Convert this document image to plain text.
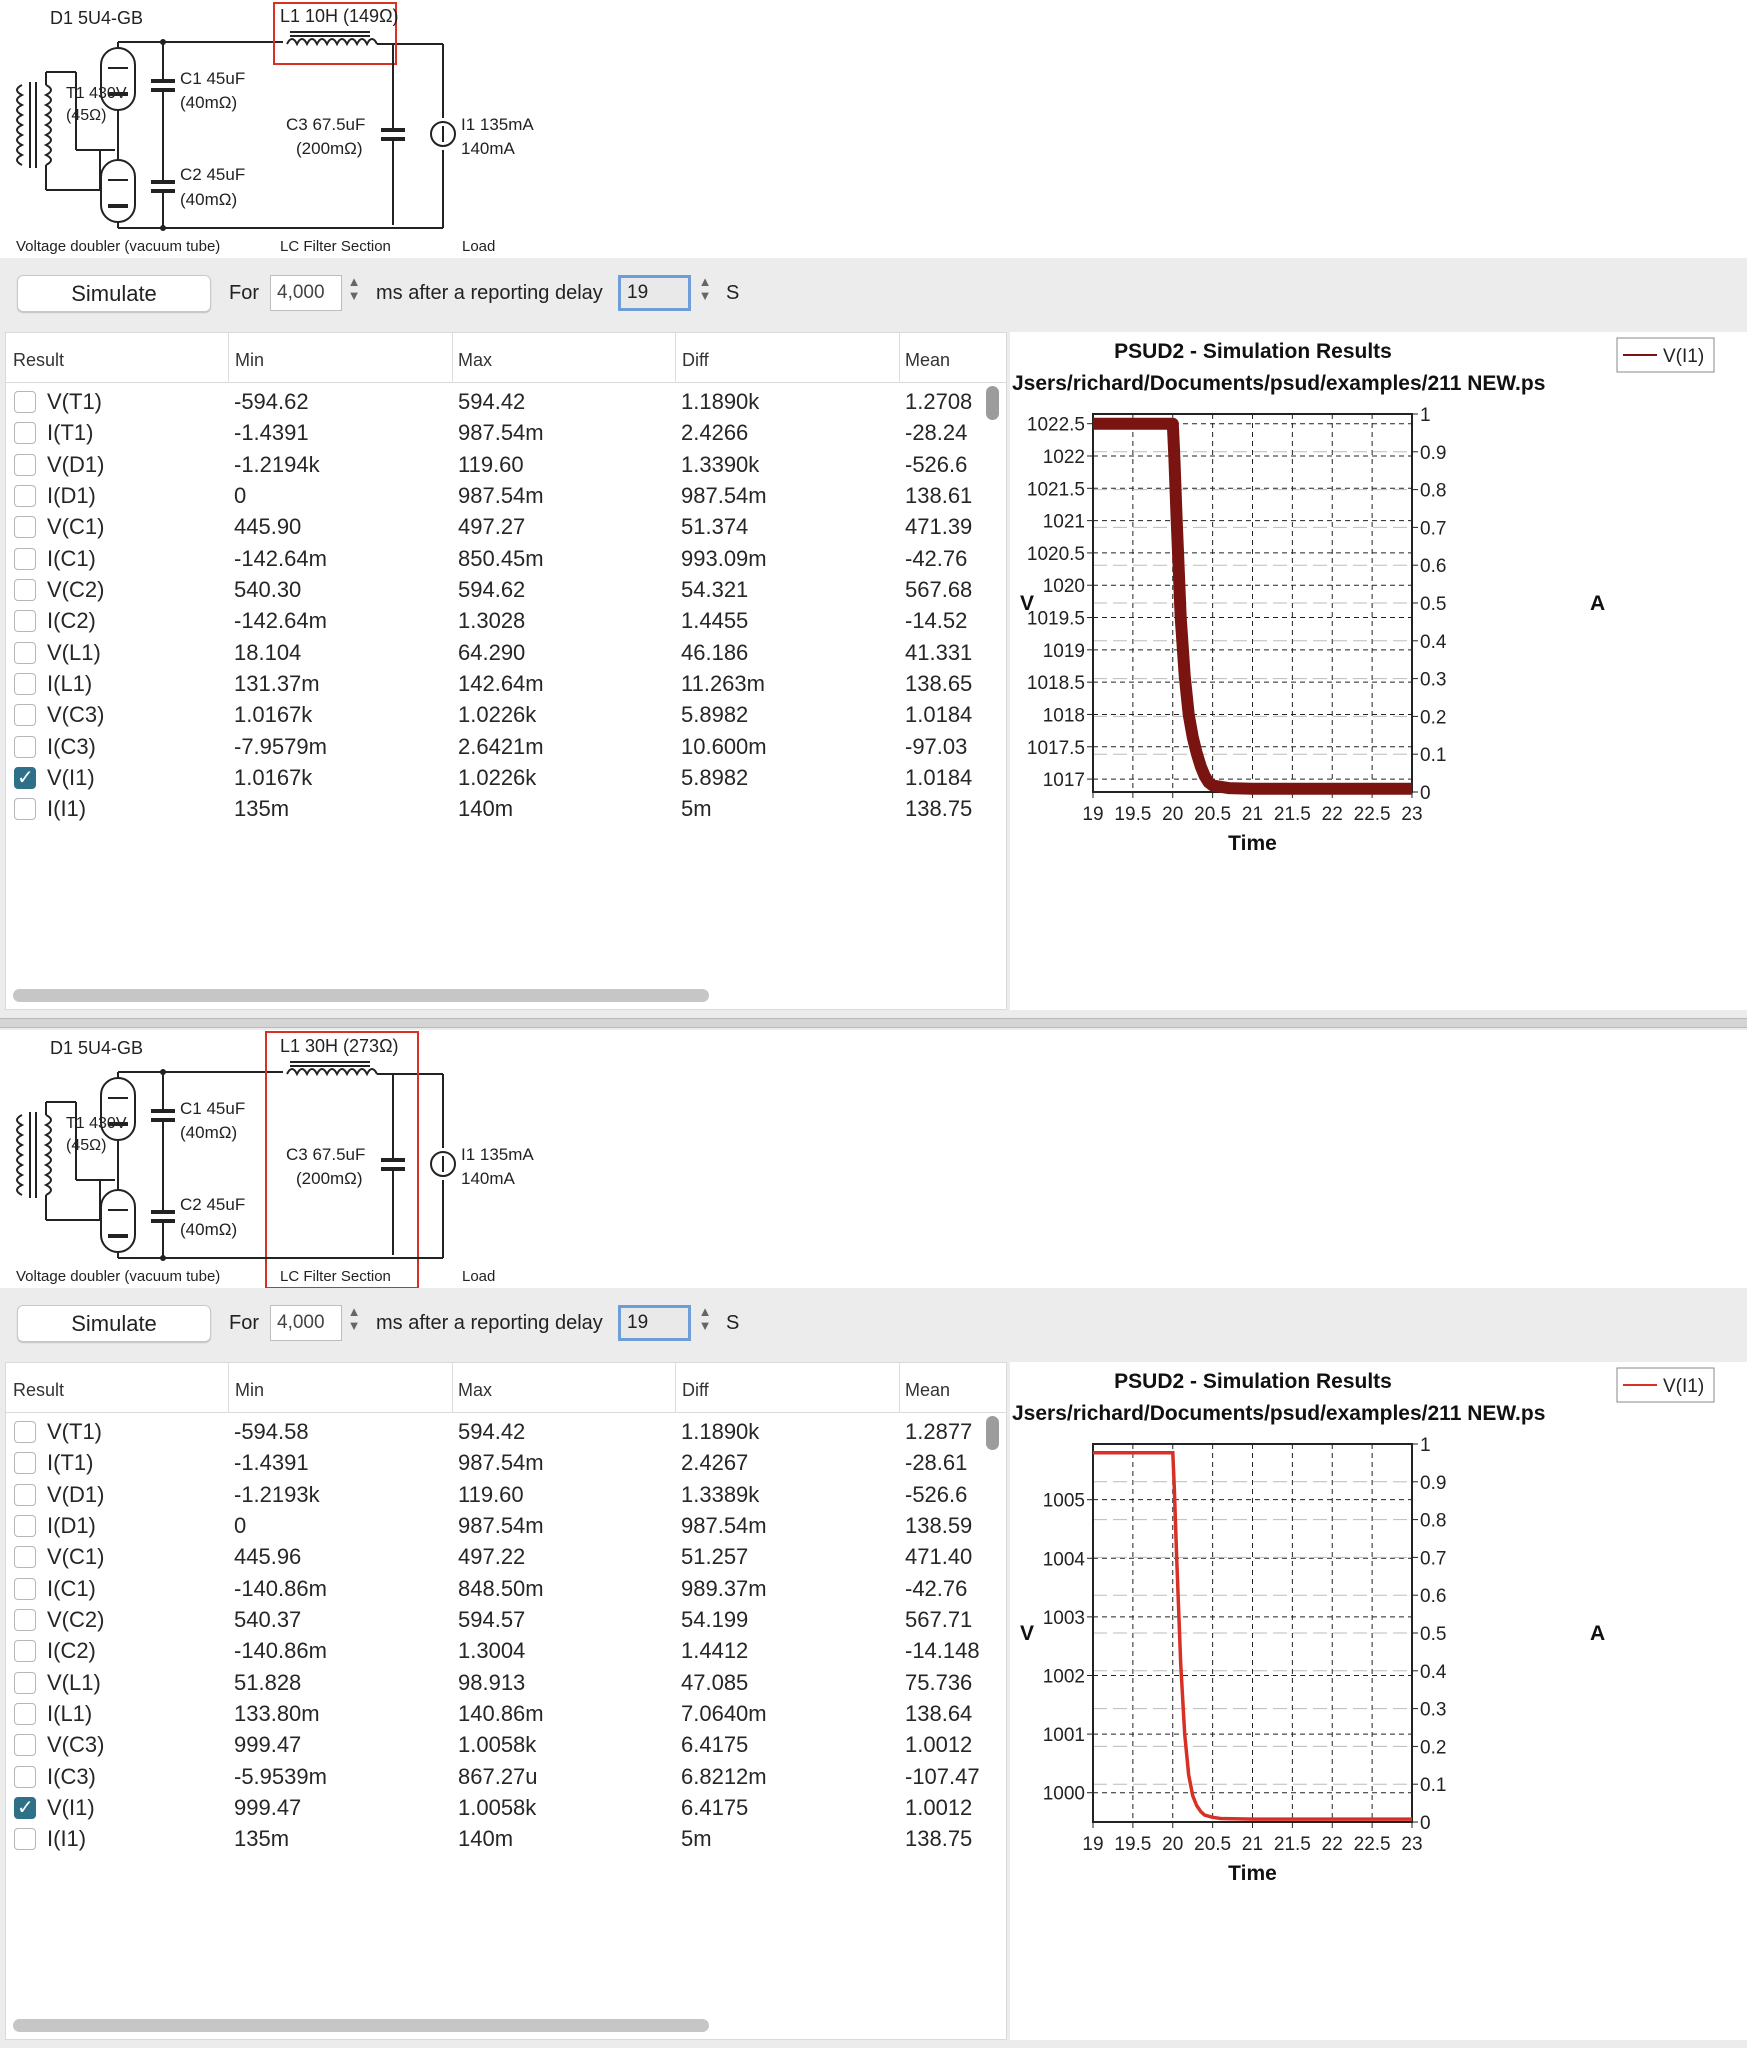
T1 430V
(45Ω)
D1 5U4-GB
C1 45uF
(40mΩ)
C2 45uF
(40mΩ)
L1 10H (149Ω)
C3 67.5uF
(200mΩ)
I1 135mA
140mA
Voltage doubler (vacuum tube)	LC Filter Section	Load
Simulate	For 4,000
▲
▼ ms after a reporting delay	19
▲
▼ S
Result	Min	Max	Diff	Mean
V(T1)	-594.62	594.42	1.1890k	1.2708
I(T1)	-1.4391	987.54m	2.4266	-28.24
V(D1)	-1.2194k	119.60	1.3390k	-526.6
I(D1)	0	987.54m	987.54m	138.61
V(C1)	445.90	497.27	51.374	471.39
I(C1)	-142.64m	850.45m	993.09m	-42.76
V(C2)	540.30	594.62	54.321	567.68
I(C2)	-142.64m	1.3028	1.4455	-14.52
V(L1)	18.104	64.290	46.186	41.331
I(L1)	131.37m	142.64m	11.263m	138.65
V(C3)	1.0167k	1.0226k	5.8982	1.0184
I(C3)	-7.9579m	2.6421m	10.600m	-97.03
✓
V(I1)	1.0167k	1.0226k	5.8982	1.0184
I(I1)	135m	140m	5m	138.75
PSUD2 - Simulation Results
Jsers/richard/Documents/psud/examples/211 NEW.ps
V(I1)
19 19.5 20 20.5 21 21.5 22 22.5 23
1017
1017.5
1018
1018.5
1019
1019.5
1020
1020.5
1021
1021.5
1022
1022.5
0
0.1
0.2
0.3
0.4
0.5
0.6
0.7
0.8
0.9
1
Time
V	A
T1 430V
(45Ω)
D1 5U4-GB
C1 45uF
(40mΩ)
C2 45uF
(40mΩ)
L1 30H (273Ω)
C3 67.5uF
(200mΩ)
I1 135mA
140mA
Voltage doubler (vacuum tube)	LC Filter Section	Load
Simulate	For 4,000
▲
▼ ms after a reporting delay	19
▲
▼ S
Result	Min	Max	Diff	Mean
V(T1)	-594.58	594.42	1.1890k	1.2877
I(T1)	-1.4391	987.54m	2.4267	-28.61
V(D1)	-1.2193k	119.60	1.3389k	-526.6
I(D1)	0	987.54m	987.54m	138.59
V(C1)	445.96	497.22	51.257	471.40
I(C1)	-140.86m	848.50m	989.37m	-42.76
V(C2)	540.37	594.57	54.199	567.71
I(C2)	-140.86m	1.3004	1.4412	-14.148
V(L1)	51.828	98.913	47.085	75.736
I(L1)	133.80m	140.86m	7.0640m	138.64
V(C3)	999.47	1.0058k	6.4175	1.0012
I(C3)	-5.9539m	867.27u	6.8212m	-107.47
✓
V(I1)	999.47	1.0058k	6.4175	1.0012
I(I1)	135m	140m	5m	138.75
PSUD2 - Simulation Results
Jsers/richard/Documents/psud/examples/211 NEW.ps
V(I1)
19 19.5 20 20.5 21 21.5 22 22.5 23
1000
1001
1002
1003
1004
1005
0
0.1
0.2
0.3
0.4
0.5
0.6
0.7
0.8
0.9
1
Time
V	A
